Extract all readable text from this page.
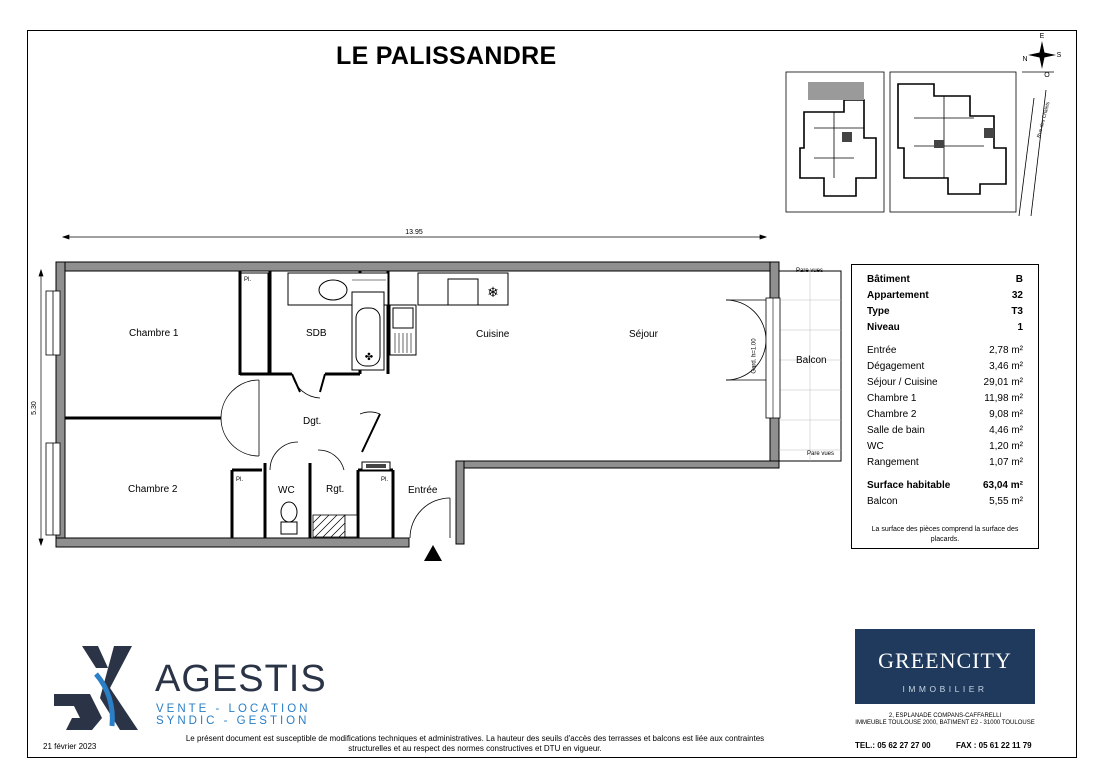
LE PALISSANDRE
Rue des Chalets
E
N
S
O
13.95
5.30
❄
✤
Chambre 1
Chambre 2
SDB	Cuisine	Séjour
Dgt.
WC	Rgt.	Entrée
Balcon
Pl.
Pl.	Pl.
Pare vues
Pare vues
Gard. h=1.00
Bâtiment	B
Appartement	32
Type	T3
Niveau	1
Entrée	2,78 m²
Dégagement	3,46 m²
Séjour / Cuisine	29,01 m²
Chambre 1	11,98 m²
Chambre 2	9,08 m²
Salle de bain	4,46 m²
WC	1,20 m²
Rangement	1,07 m²
Surface habitable	63,04 m²
Balcon	5,55 m²
La surface des pièces comprend la surface des placards.
AGESTIS
VENTE - LOCATION
SYNDIC - GESTION
21 février 2023
Le présent document est susceptible de modifications techniques et administratives. La hauteur des seuils d'accès des terrasses et balcons est liée aux contraintes structurelles et au respect des normes constructives et DTU en vigueur.
GREENCITY
IMMOBILIER
2, ESPLANADE COMPANS-CAFFARELLI
IMMEUBLE TOULOUSE 2000, BATIMENT E2 - 31000 TOULOUSE
TEL.: 05 62 27 27 00	FAX : 05 61 22 11 79
